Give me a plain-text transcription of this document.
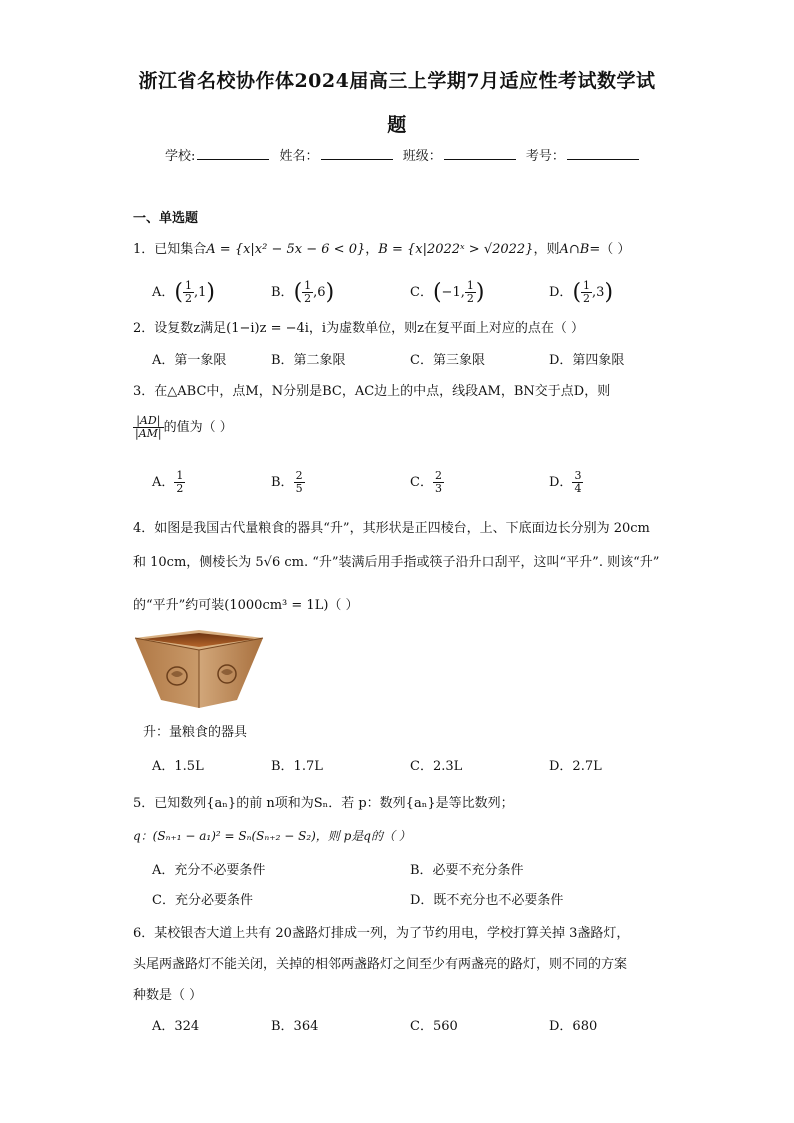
浙江省名校协作体2024届高三上学期7月适应性考试数学试
题
学校:	姓名：	班级：	考号：
一、单选题
1．已知集合A = {x|x² − 5x − 6 < 0}，B = {x|2022ˣ > √2022}，则A∩B=（ ）
A．( $\frac{1}{2} ,1$)	B．( $\frac{1}{2} ,6$)	C．(−1, $\frac{1}{2}$ )	D．( $\frac{1}{2} ,3$)
2．设复数z满足(1−i)z = −4i，i为虚数单位，则z在复平面上对应的点在（ ）
A．第一象限	B．第二象限	C．第三象限	D．第四象限
3．在△ABC中，点M，N分别是BC，AC边上的中点，线段AM，BN交于点D，则
$\frac{|AD|}{|AM|}$ 的值为（ ）
A． $\frac{1}{2}$	B． $\frac{2}{5}$	C． $\frac{2}{3}$	D． $\frac{3}{4}$
4．如图是我国古代量粮食的器具“升”，其形状是正四棱台，上、下底面边长分别为 20cm
和 10cm，侧棱长为 5√6 cm. “升”装满后用手指或筷子沿升口刮平，这叫“平升”. 则该“升”
的“平升”约可装(1000cm³ = 1L)（ ）
升：量粮食的器具
A．1.5L	B．1.7L	C．2.3L	D．2.7L
5．已知数列{aₙ}的前 n项和为Sₙ．若 p：数列{aₙ}是等比数列；
q：(Sₙ₊₁ − a₁)² = Sₙ(Sₙ₊₂ − S₂)，则 p是q的（ ）
A．充分不必要条件	B．必要不充分条件
C．充分必要条件	D．既不充分也不必要条件
6．某校银杏大道上共有 20盏路灯排成一列，为了节约用电，学校打算关掉 3盏路灯，
头尾两盏路灯不能关闭，关掉的相邻两盏路灯之间至少有两盏亮的路灯，则不同的方案
种数是（ ）
A．324	B．364	C．560	D．680
